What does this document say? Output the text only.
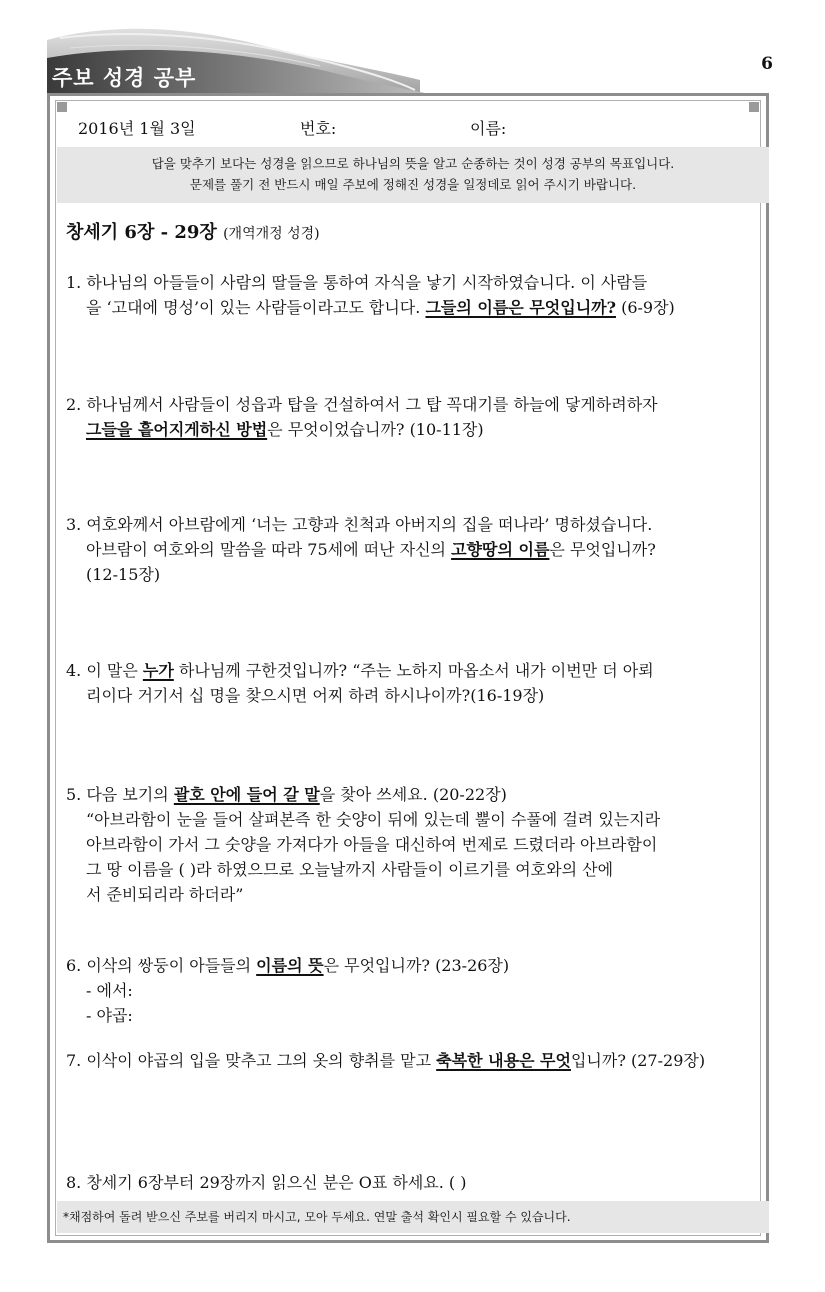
주보 성경 공부
6
2016년 1월 3일	번호:	이름:
답을 맞추기 보다는 성경을 읽으므로 하나님의 뜻을 알고 순종하는 것이 성경 공부의 목표입니다.
문제를 풀기 전 반드시 매일 주보에 정해진 성경을 일정데로 읽어 주시기 바랍니다.
창세기 6장 - 29장 (개역개정 성경)
1. 하나님의 아들들이 사람의 딸들을 통하여 자식을 낳기 시작하였습니다. 이 사람들
을 ‘고대에 명성’이 있는 사람들이라고도 합니다. 그들의 이름은 무엇입니까? (6-9장)
2. 하나님께서 사람들이 성읍과 탑을 건설하여서 그 탑 꼭대기를 하늘에 닿게하려하자
그들을 흩어지게하신 방법은 무엇이었습니까? (10-11장)
3. 여호와께서 아브람에게 ‘너는 고향과 친척과 아버지의 집을 떠나라’ 명하셨습니다.
아브람이 여호와의 말씀을 따라 75세에 떠난 자신의 고향땅의 이름은 무엇입니까?
(12-15장)
4. 이 말은 누가 하나님께 구한것입니까? “주는 노하지 마옵소서 내가 이번만 더 아뢰
리이다 거기서 십 명을 찾으시면 어찌 하려 하시나이까?(16-19장)
5. 다음 보기의 괄호 안에 들어 갈 말을 찾아 쓰세요. (20-22장)
“아브라함이 눈을 들어 살펴본즉 한 숫양이 뒤에 있는데 뿔이 수풀에 걸려 있는지라
아브라함이 가서 그 숫양을 가져다가 아들을 대신하여 번제로 드렸더라 아브라함이
그 땅 이름을 ( )라 하였으므로 오늘날까지 사람들이 이르기를 여호와의 산에
서 준비되리라 하더라”
6. 이삭의 쌍둥이 아들들의 이름의 뜻은 무엇입니까? (23-26장)
- 에서:
- 야곱:
7. 이삭이 야곱의 입을 맞추고 그의 옷의 향취를 맡고 축복한 내용은 무엇입니까? (27-29장)
8. 창세기 6장부터 29장까지 읽으신 분은 O표 하세요. ( )
*채점하여 돌려 받으신 주보를 버리지 마시고, 모아 두세요. 연말 출석 확인시 필요할 수 있습니다.
